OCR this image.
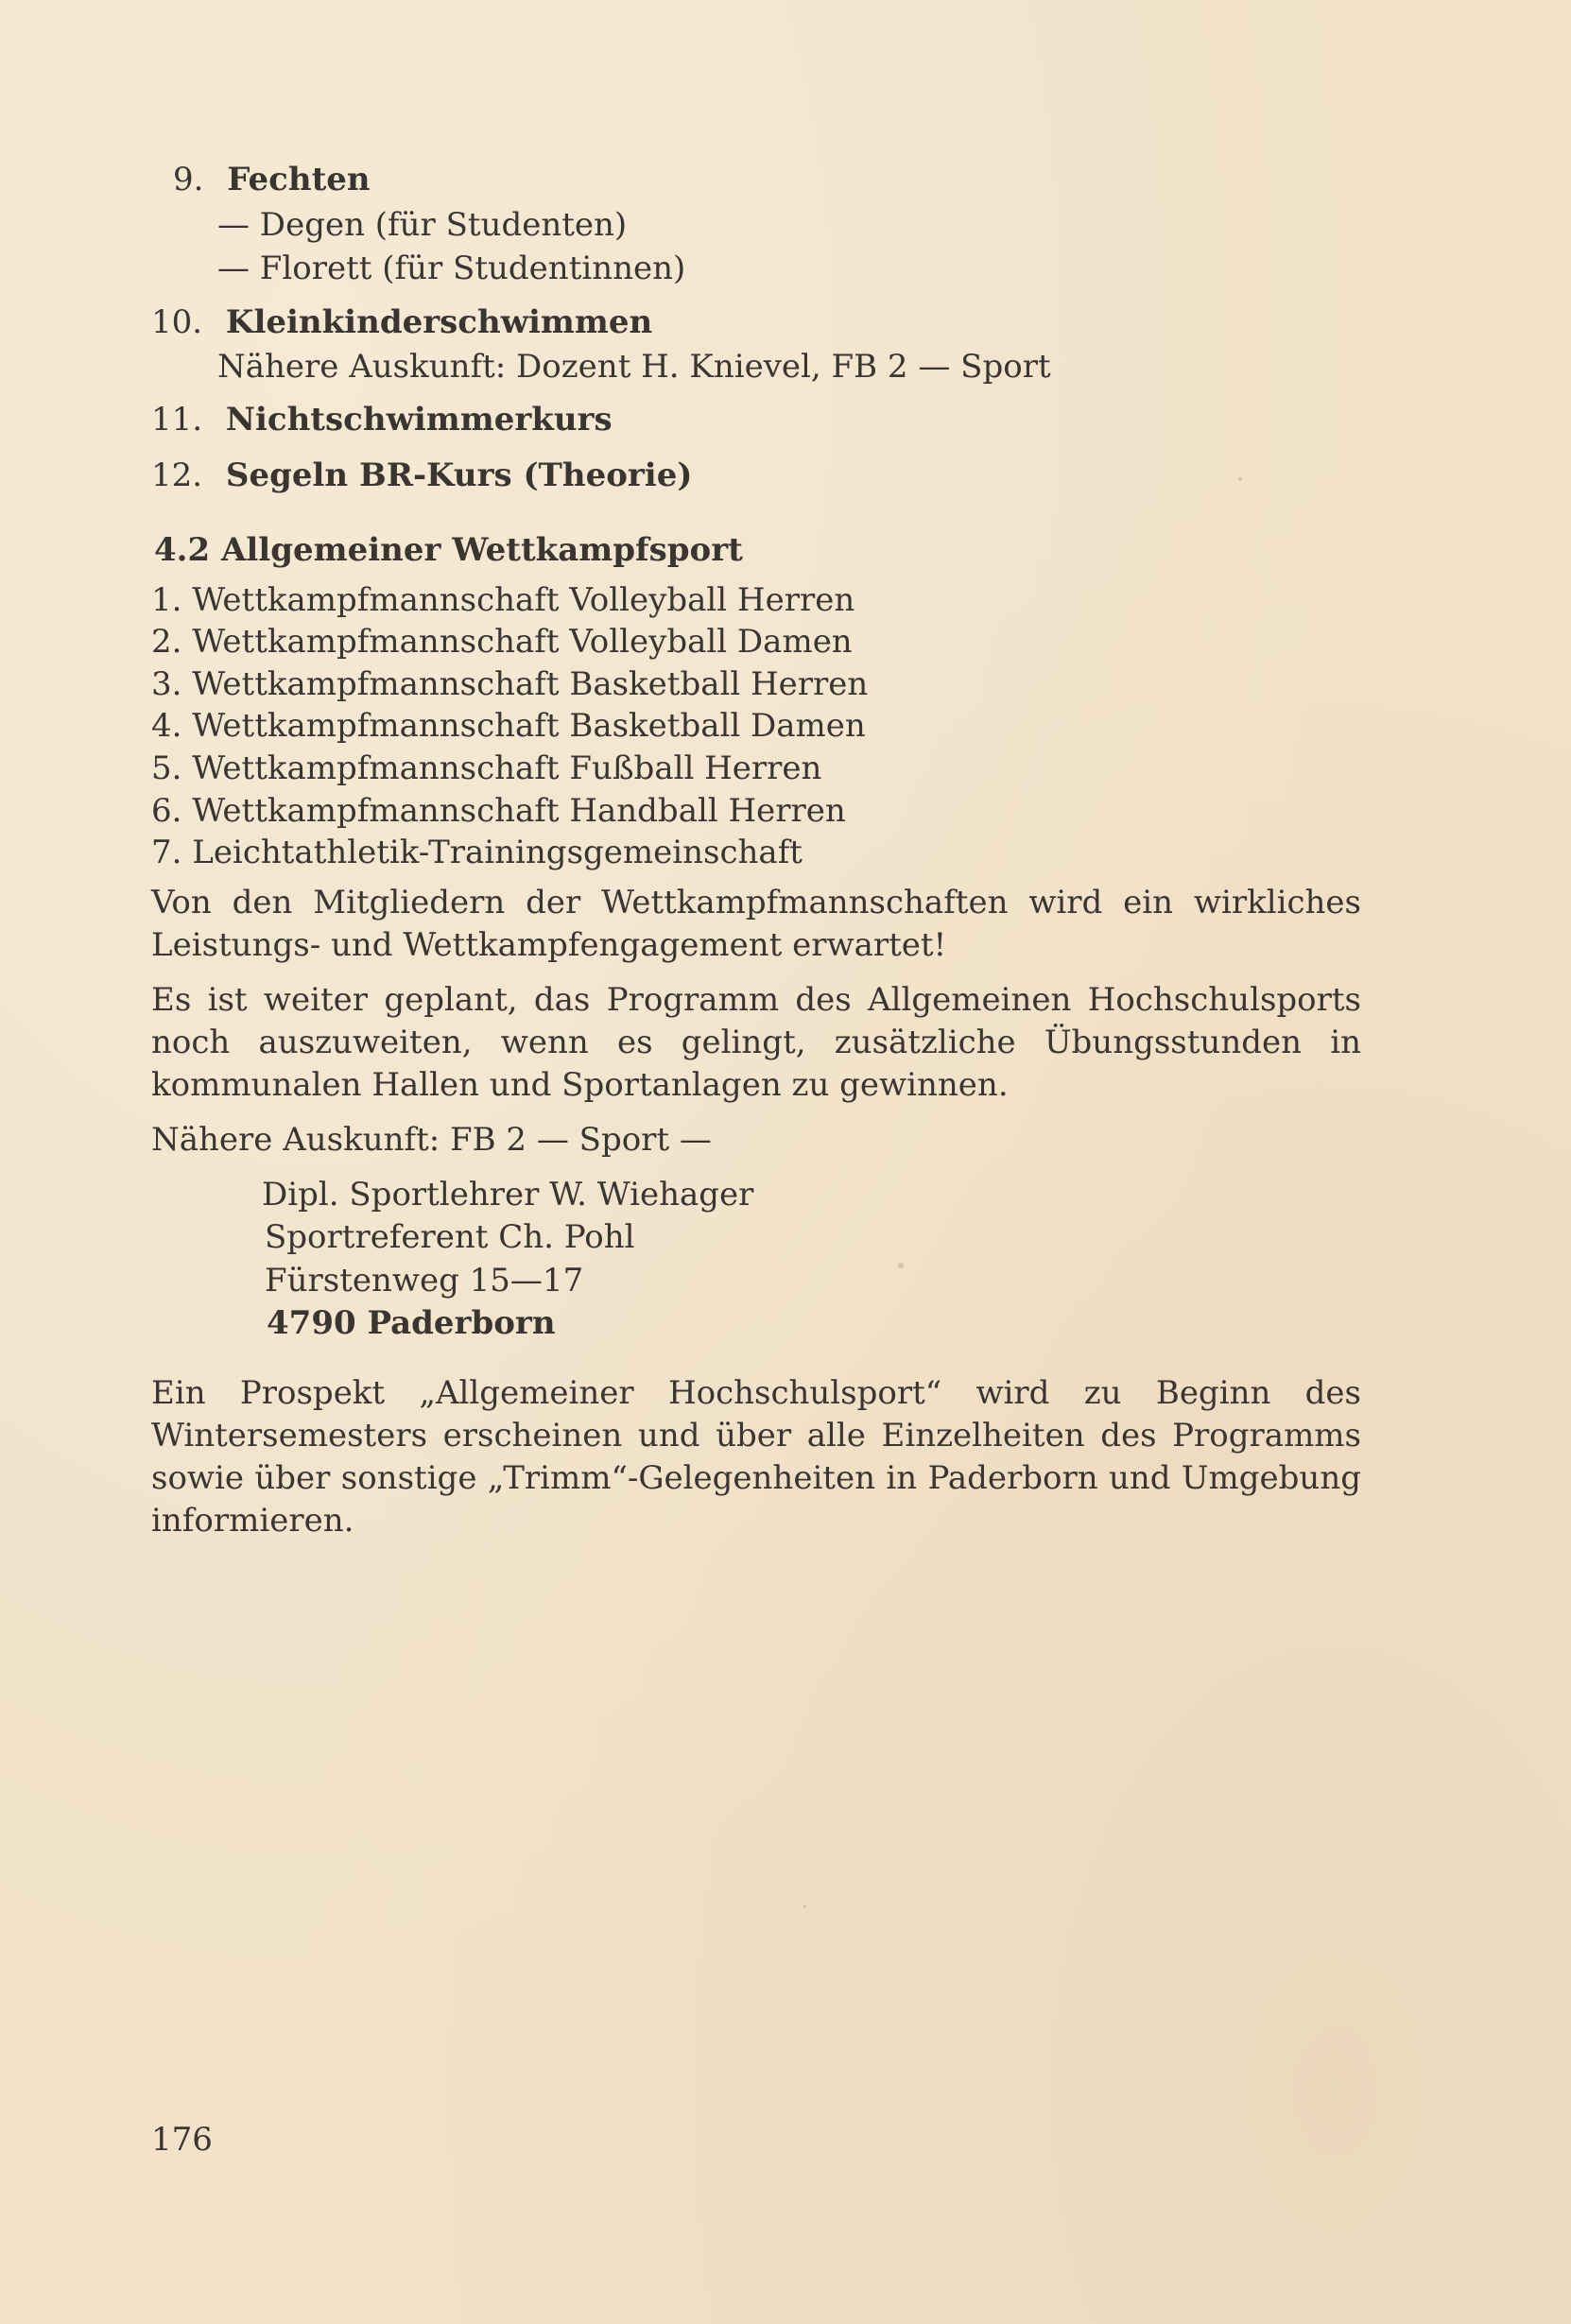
9. Fechten
— Degen (für Studenten)
— Florett (für Studentinnen)
10. Kleinkinderschwimmen
Nähere Auskunft: Dozent H. Knievel, FB 2 — Sport
11. Nichtschwimmerkurs
12. Segeln BR-Kurs (Theorie)
4.2 Allgemeiner Wettkampfsport
1. Wettkampfmannschaft Volleyball Herren
2. Wettkampfmannschaft Volleyball Damen
3. Wettkampfmannschaft Basketball Herren
4. Wettkampfmannschaft Basketball Damen
5. Wettkampfmannschaft Fußball Herren
6. Wettkampfmannschaft Handball Herren
7. Leichtathletik-Trainingsgemeinschaft
Von den Mitgliedern der Wettkampfmannschaften wird ein wirkliches Leistungs- und Wettkampfengagement erwartet!
Es ist weiter geplant, das Programm des Allgemeinen Hochschulsports noch auszuweiten, wenn es gelingt, zusätzliche Übungsstunden in kommunalen Hallen und Sportanlagen zu gewinnen.
Nähere Auskunft: FB 2 — Sport —
Dipl. Sportlehrer W. Wiehager
Sportreferent Ch. Pohl
Fürstenweg 15—17
4790 Paderborn
Ein Prospekt „Allgemeiner Hochschulsport“ wird zu Beginn des Wintersemesters erscheinen und über alle Einzelheiten des Programms sowie über sonstige „Trimm“-Gelegenheiten in Paderborn und Umgebung informieren.
176
